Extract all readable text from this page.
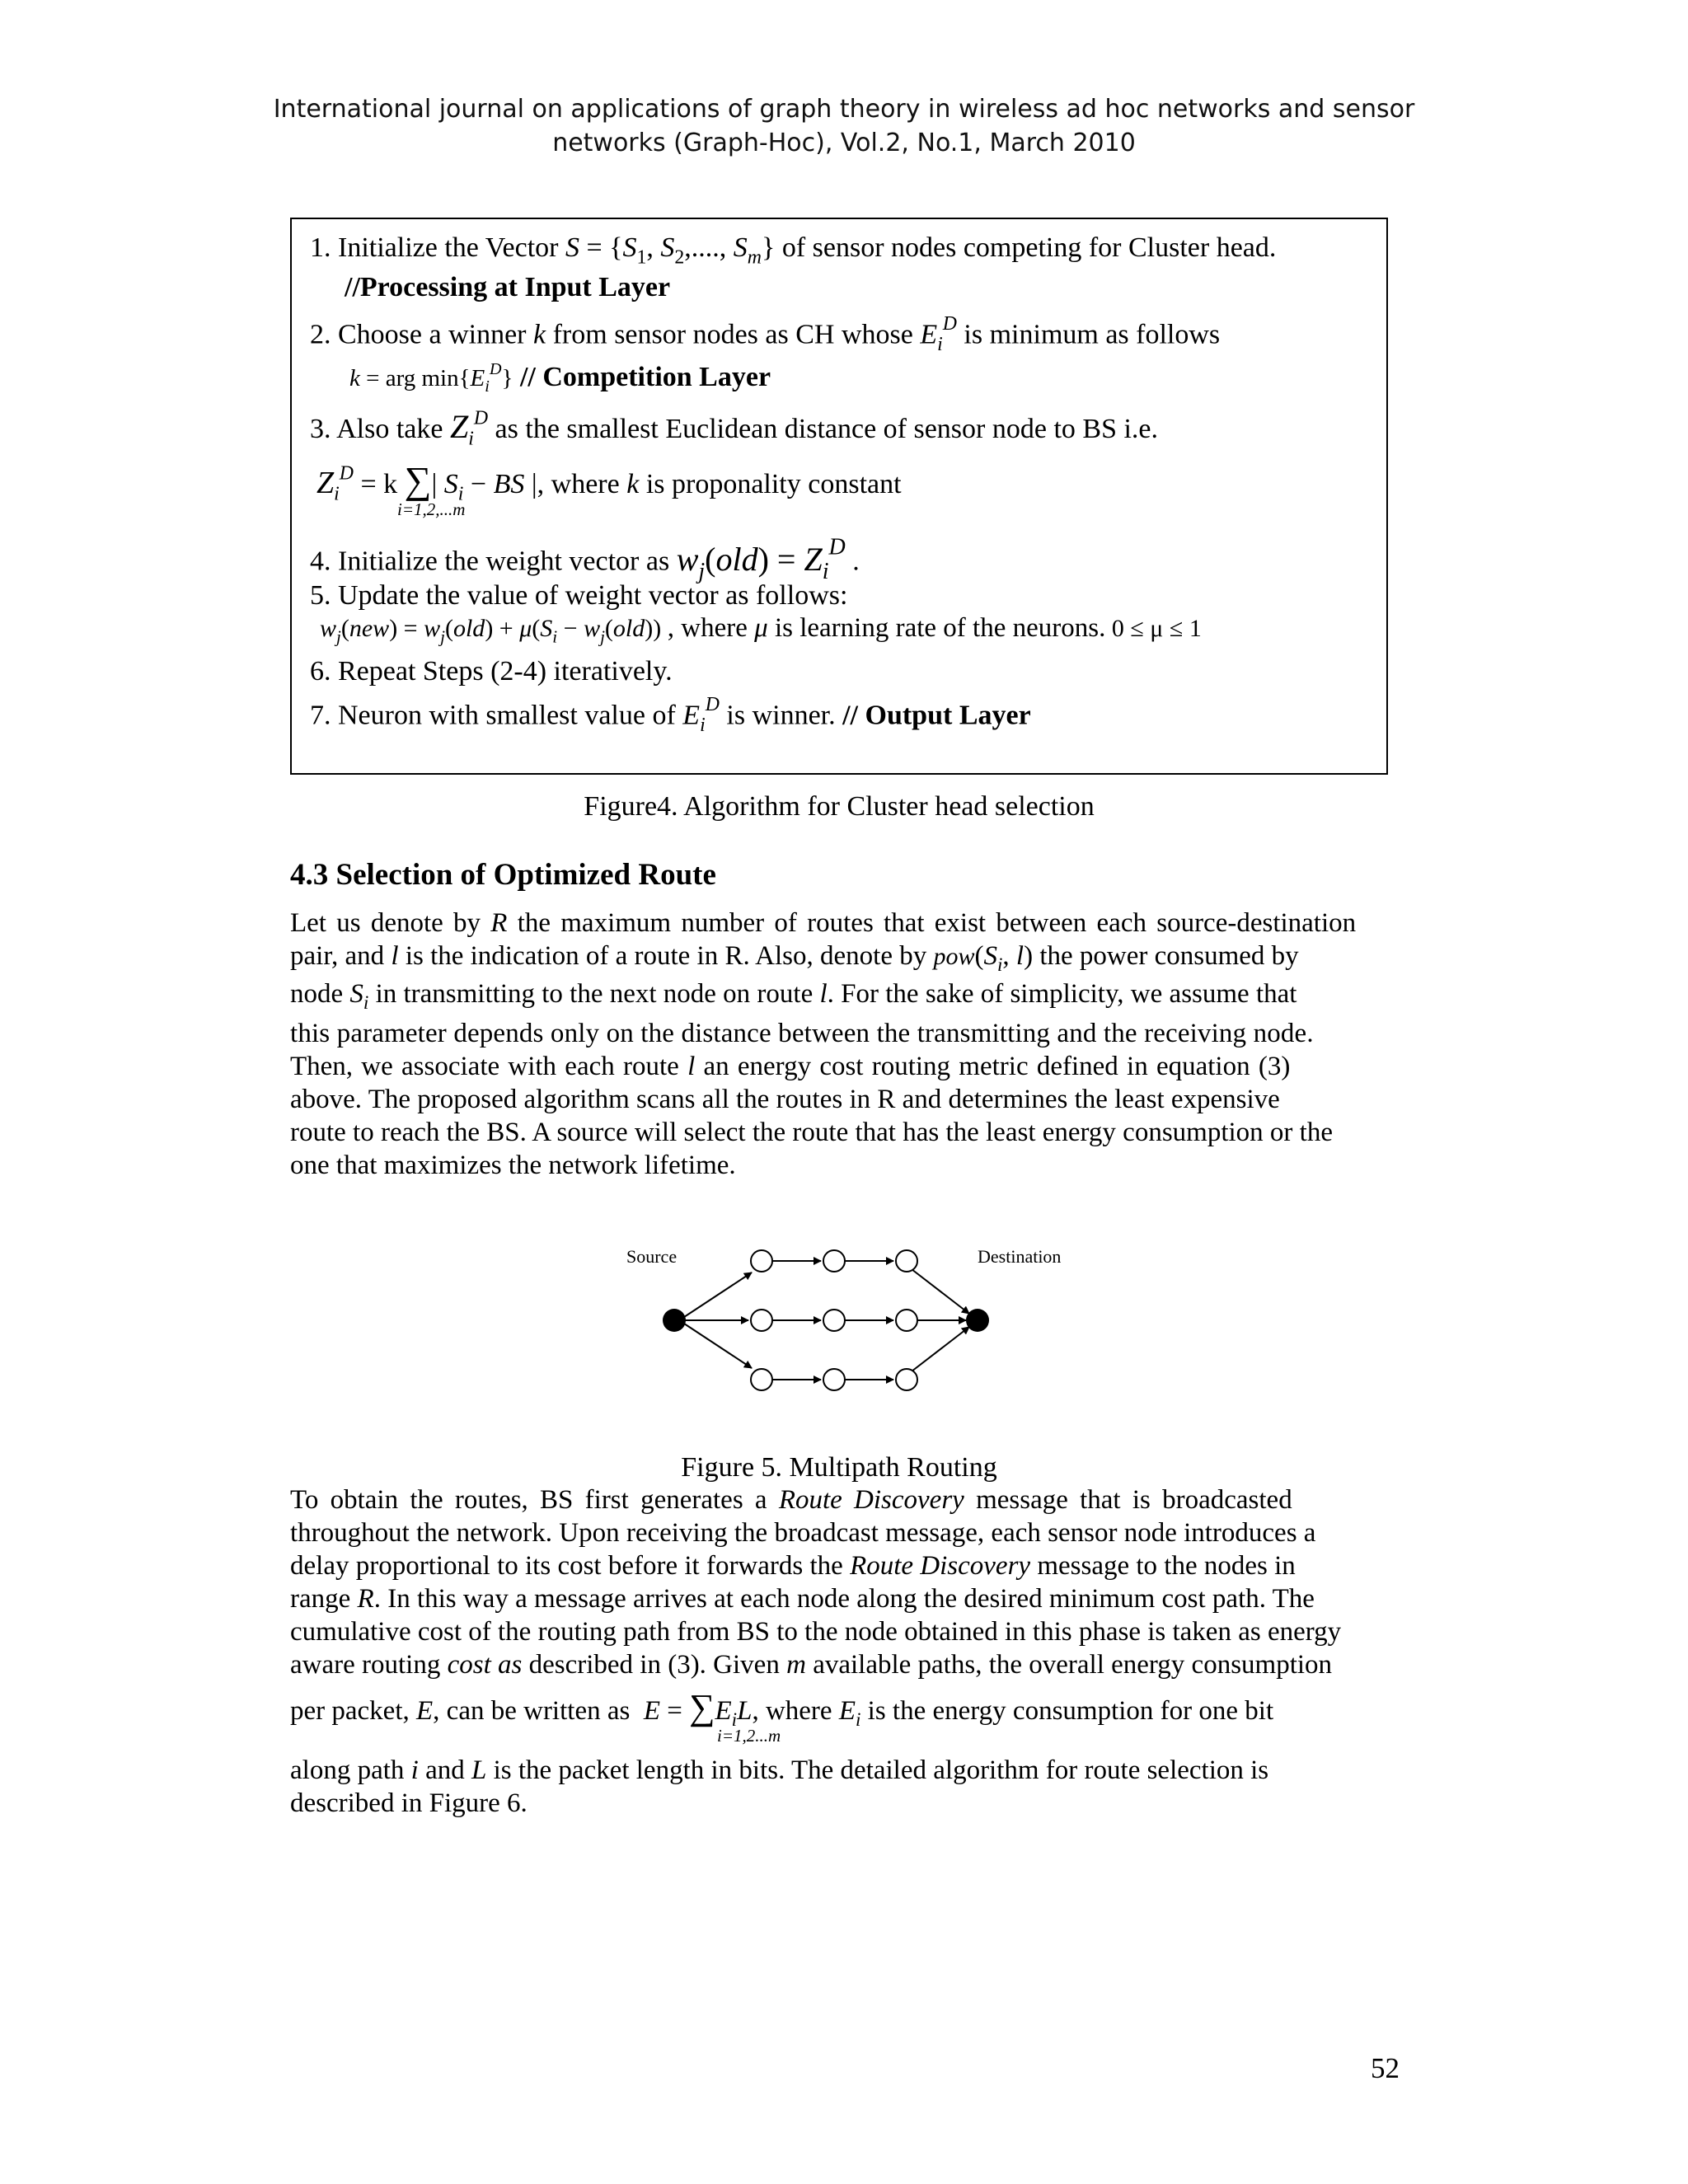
International journal on applications of graph theory in wireless ad hoc networks and sensor
networks (Graph-Hoc), Vol.2, No.1, March 2010
1. Initialize the Vector $S = \{S_1$, $S_2$,...., $S_m$} of sensor nodes competing for Cluster head.
//Processing at Input Layer
2. Choose a winner k from sensor nodes as CH whose $E_i^D$ is minimum as follows
k = arg $\min\{E_i^D\}$ // Competition Layer
3. Also take $Z_i^D$ as the smallest Euclidean distance of sensor node to BS i.e.
$Z_i^D = k$ ∑| $S_i$ − BS |, where k is proponality constant
i=1,2,...m
4. Initialize the weight vector as $w_j(old) = Z_i^D$ .
5. Update the value of weight vector as follows:
$w_j(new) = w_j(old) + \mu(S_i - w_j(old))$ , where μ is learning rate of the neurons. 0 ≤ μ ≤ 1
6. Repeat Steps (2-4) iteratively.
7. Neuron with smallest value of $E_i^D$ is winner. // Output Layer
Figure4. Algorithm for Cluster head selection
4.3 Selection of Optimized Route
Let us denote by R the maximum number of routes that exist between each source-destination
pair, and l is the indication of a route in R. Also, denote by $pow(S_i$, l) the power consumed by
node $S_i$ in transmitting to the next node on route l. For the sake of simplicity, we assume that
this parameter depends only on the distance between the transmitting and the receiving node.
Then, we associate with each route l an energy cost routing metric defined in equation (3)
above. The proposed algorithm scans all the routes in R and determines the least expensive
route to reach the BS. A source will select the route that has the least energy consumption or the
one that maximizes the network lifetime.
Source	Destination
Figure 5. Multipath Routing
To obtain the routes, BS first generates a Route Discovery message that is broadcasted
throughout the network. Upon receiving the broadcast message, each sensor node introduces a
delay proportional to its cost before it forwards the Route Discovery message to the nodes in
range R. In this way a message arrives at each node along the desired minimum cost path. The
cumulative cost of the routing path from BS to the node obtained in this phase is taken as energy
aware routing cost as described in (3). Given m available paths, the overall energy consumption
per packet, E, can be written as $E = \sum E_iL$, where $E_i$ is the energy consumption for one bit
i=1,2...m
along path i and L is the packet length in bits. The detailed algorithm for route selection is
described in Figure 6.
52
